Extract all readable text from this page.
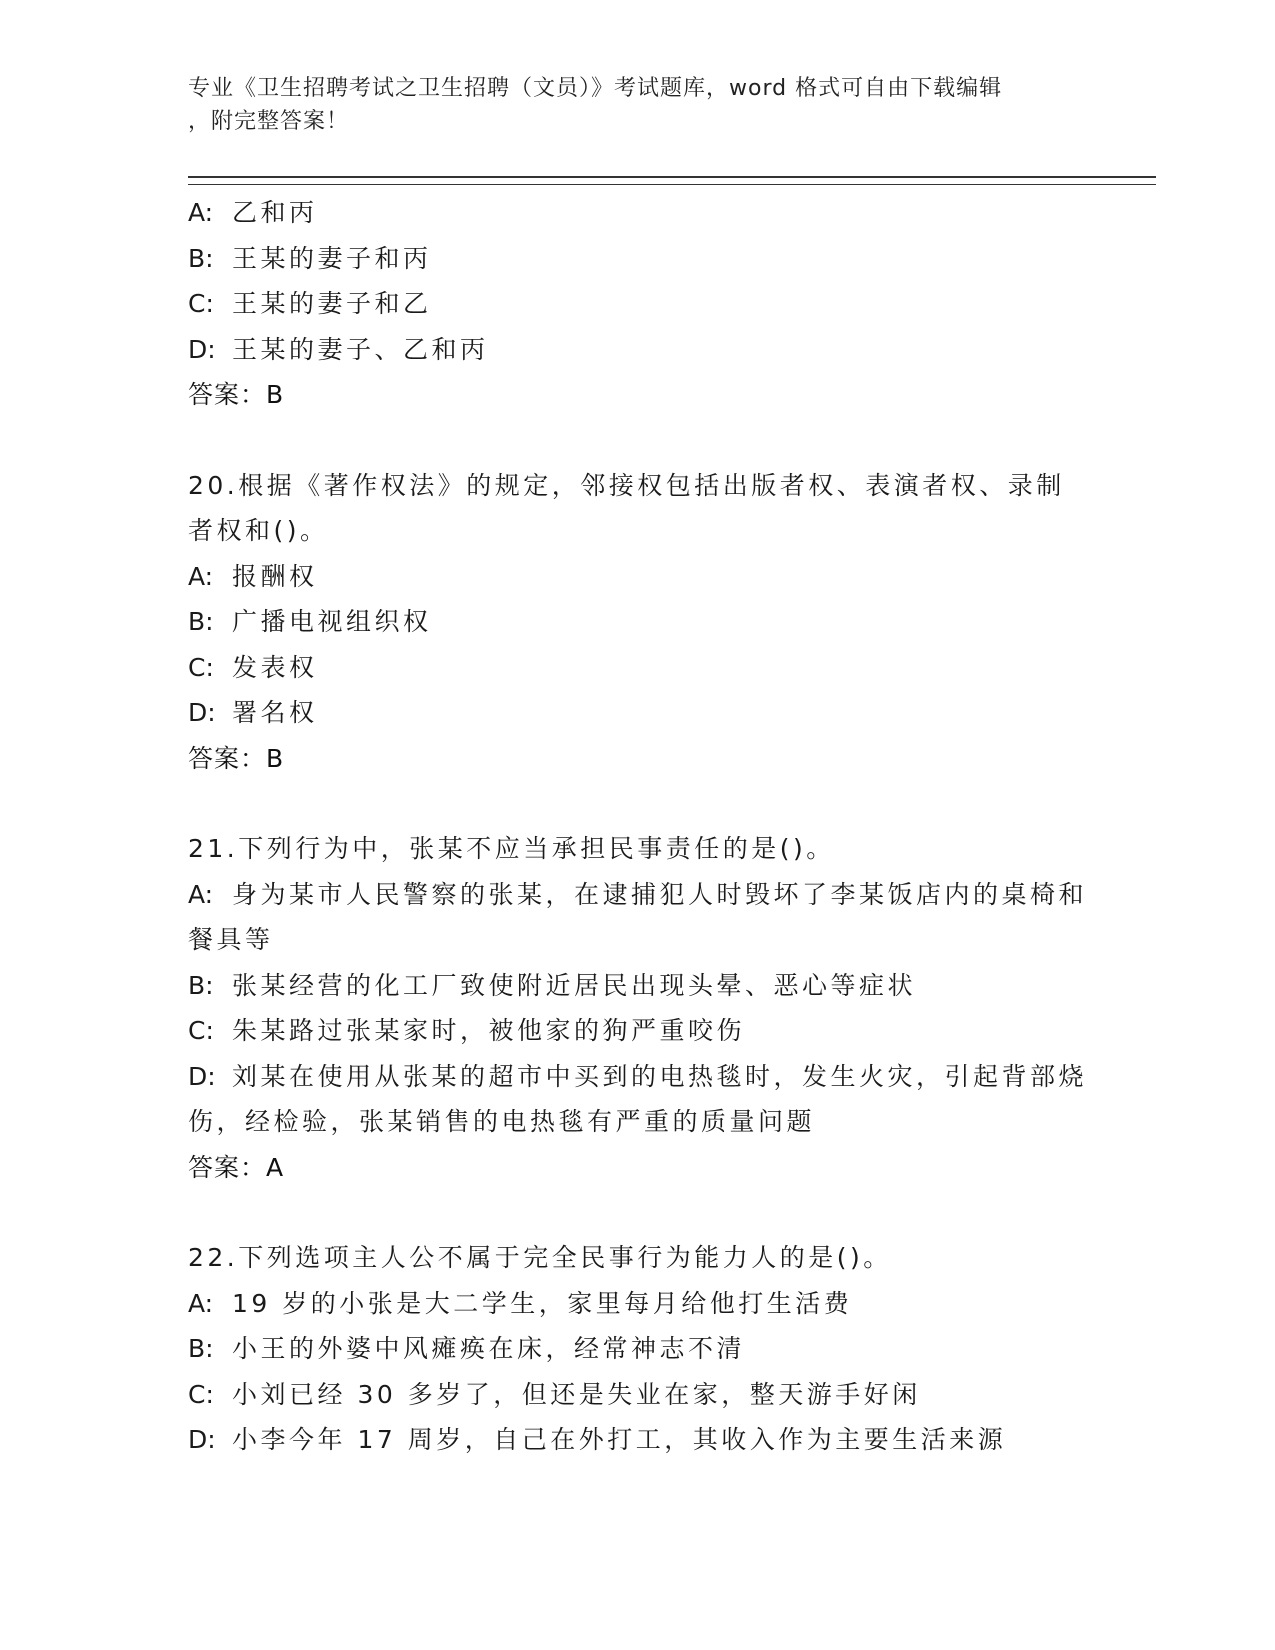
专业《卫生招聘考试之卫生招聘（文员）》考试题库，word 格式可自由下载编辑
，附完整答案！
A: 乙和丙
B: 王某的妻子和丙
C: 王某的妻子和乙
D: 王某的妻子、乙和丙
答案：B
20.根据《著作权法》的规定，邻接权包括出版者权、表演者权、录制者权和()。
A: 报酬权
B: 广播电视组织权
C: 发表权
D: 署名权
答案：B
21.下列行为中，张某不应当承担民事责任的是()。
A: 身为某市人民警察的张某，在逮捕犯人时毁坏了李某饭店内的桌椅和餐具等
B: 张某经营的化工厂致使附近居民出现头晕、恶心等症状
C: 朱某路过张某家时，被他家的狗严重咬伤
D: 刘某在使用从张某的超市中买到的电热毯时，发生火灾，引起背部烧伤，经检验，张某销售的电热毯有严重的质量问题
答案：A
22.下列选项主人公不属于完全民事行为能力人的是()。
A: 19 岁的小张是大二学生，家里每月给他打生活费
B: 小王的外婆中风瘫痪在床，经常神志不清
C: 小刘已经 30 多岁了，但还是失业在家，整天游手好闲
D: 小李今年 17 周岁，自己在外打工，其收入作为主要生活来源
